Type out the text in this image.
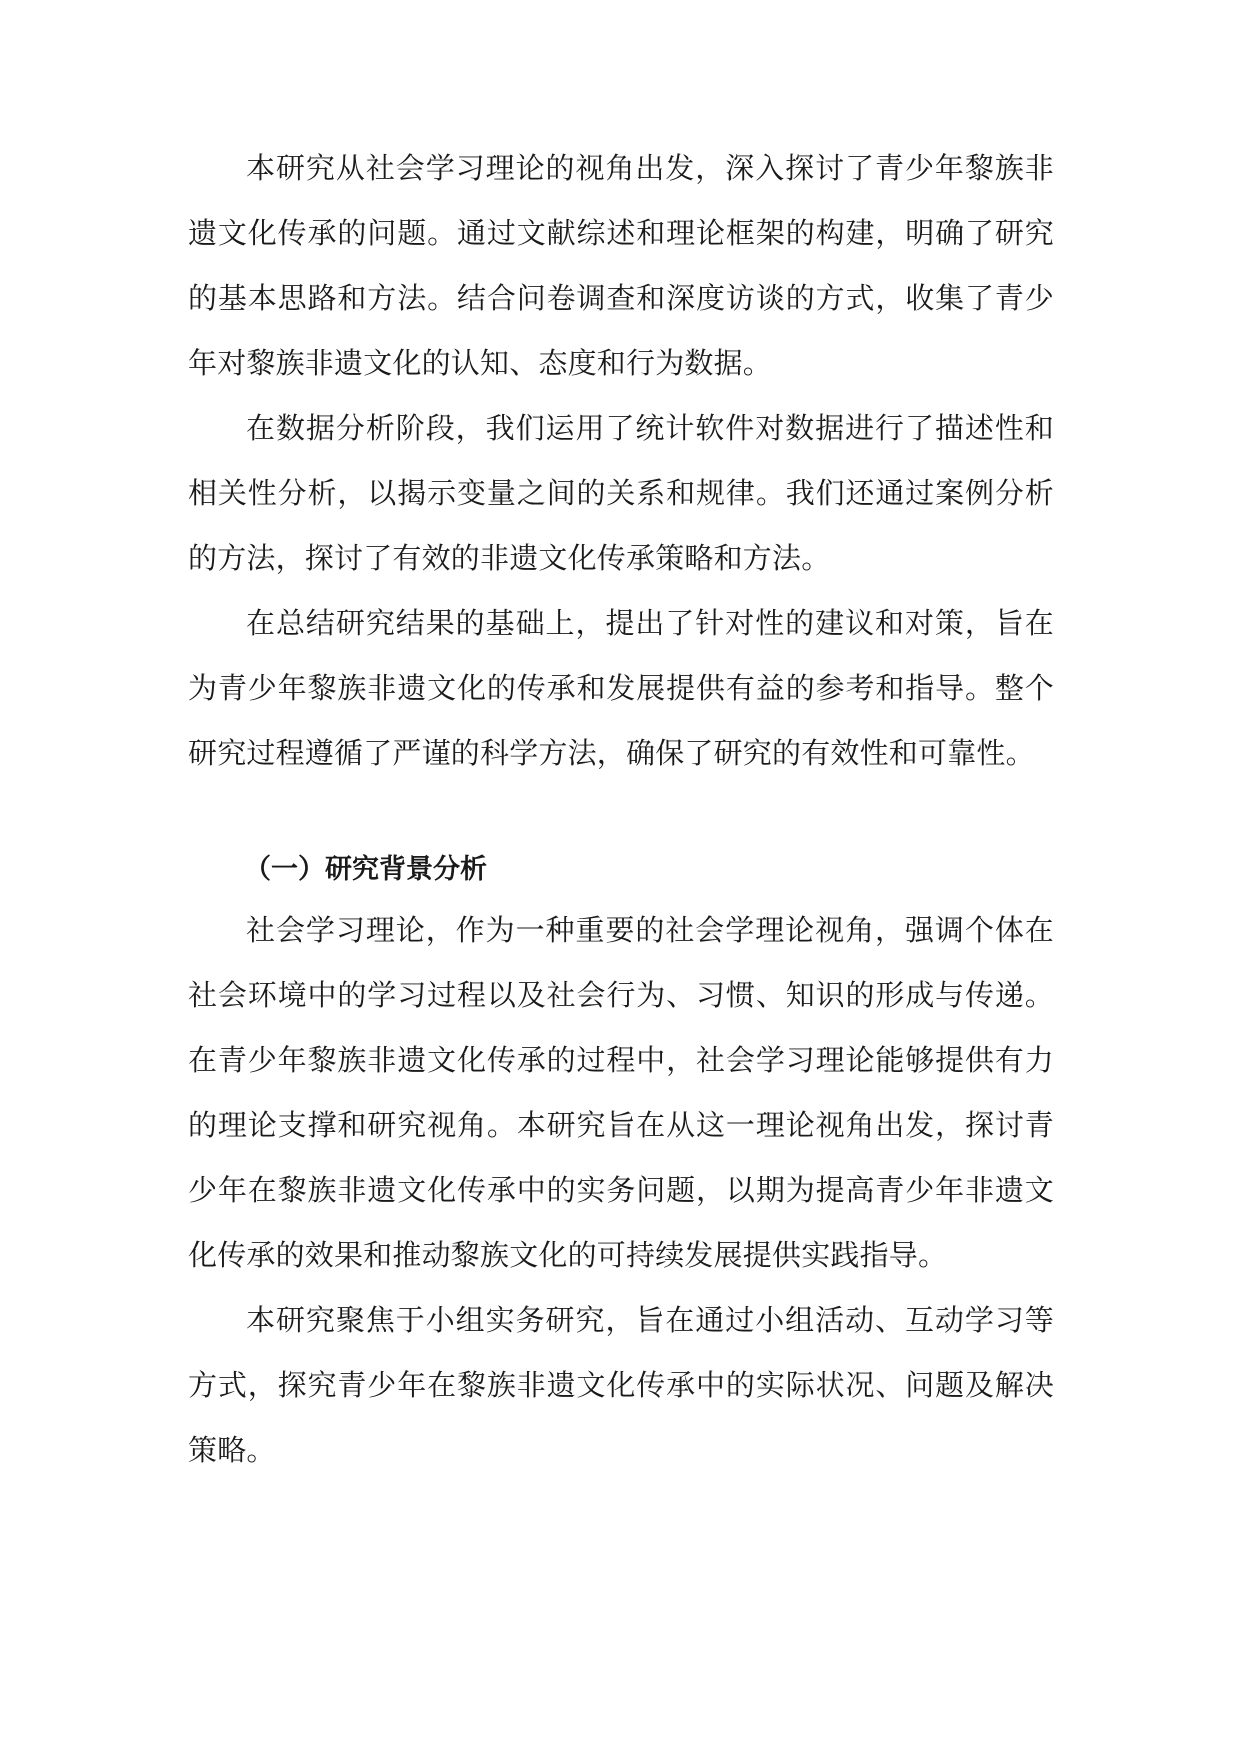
本研究从社会学习理论的视角出发，深入探讨了青少年黎族非遗文化传承的问题。通过文献综述和理论框架的构建，明确了研究的基本思路和方法。结合问卷调查和深度访谈的方式，收集了青少年对黎族非遗文化的认知、态度和行为数据。

在数据分析阶段，我们运用了统计软件对数据进行了描述性和相关性分析，以揭示变量之间的关系和规律。我们还通过案例分析的方法，探讨了有效的非遗文化传承策略和方法。

在总结研究结果的基础上，提出了针对性的建议和对策，旨在为青少年黎族非遗文化的传承和发展提供有益的参考和指导。整个研究过程遵循了严谨的科学方法，确保了研究的有效性和可靠性。

（一）研究背景分析

社会学习理论，作为一种重要的社会学理论视角，强调个体在社会环境中的学习过程以及社会行为、习惯、知识的形成与传递。在青少年黎族非遗文化传承的过程中，社会学习理论能够提供有力的理论支撑和研究视角。本研究旨在从这一理论视角出发，探讨青少年在黎族非遗文化传承中的实务问题，以期为提高青少年非遗文化传承的效果和推动黎族文化的可持续发展提供实践指导。

本研究聚焦于小组实务研究，旨在通过小组活动、互动学习等方式，探究青少年在黎族非遗文化传承中的实际状况、问题及解决策略。
